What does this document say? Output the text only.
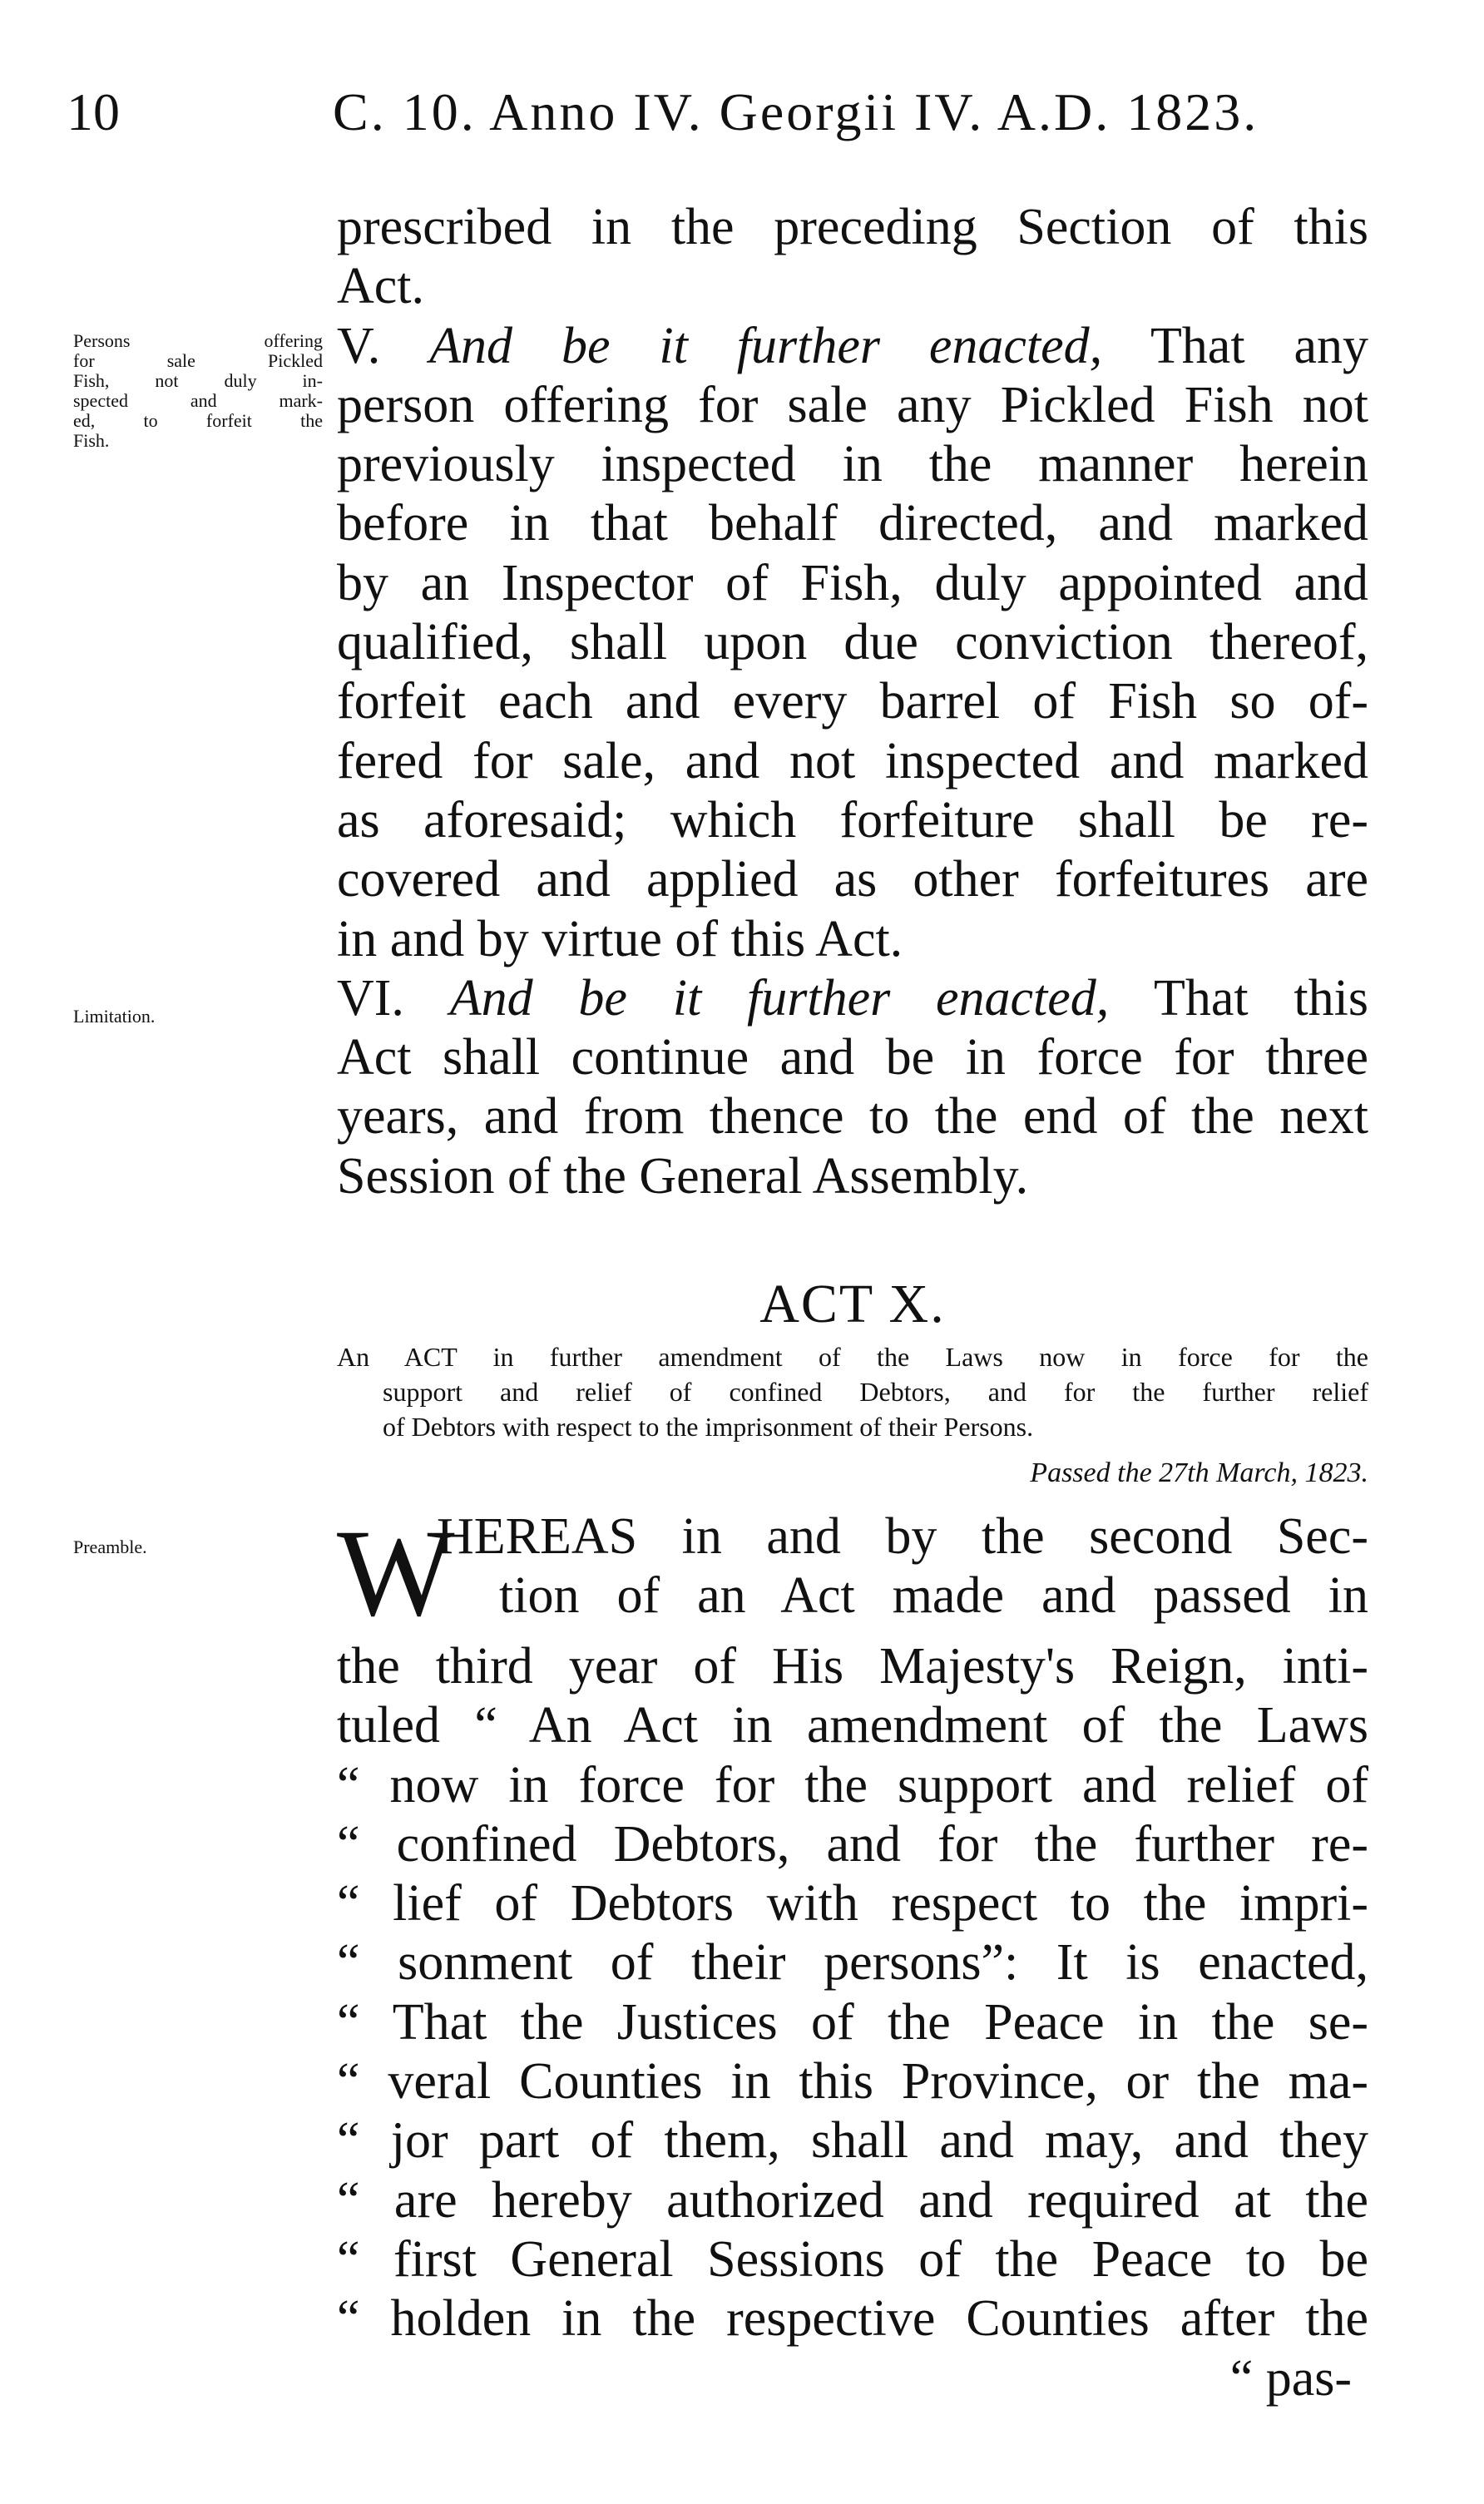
10	C. 10. Anno IV. Georgii IV. A.D. 1823.
prescribed in the preceding Section of this
Act.
V. And be it further enacted, That any
person offering for sale any Pickled Fish not
previously inspected in the manner herein
before in that behalf directed, and marked
by an Inspector of Fish, duly appointed and
qualified, shall upon due conviction thereof,
forfeit each and every barrel of Fish so of-
fered for sale, and not inspected and marked
as aforesaid; which forfeiture shall be re-
covered and applied as other forfeitures are
in and by virtue of this Act.
VI. And be it further enacted, That this
Act shall continue and be in force for three
years, and from thence to the end of the next
Session of the General Assembly.
Persons offering
for sale Pickled
Fish, not duly in-
spected and mark-
ed, to forfeit the
Fish.
Limitation.
Preamble.
ACT X.
An ACT in further amendment of the Laws now in force for the
support and relief of confined Debtors, and for the further relief
of Debtors with respect to the imprisonment of their Persons.
Passed the 27th March, 1823.
W
HEREAS in and by the second Sec-
tion of an Act made and passed in
the third year of His Majesty's Reign, inti-
tuled “ An Act in amendment of the Laws
“ now in force for the support and relief of
“ confined Debtors, and for the further re-
“ lief of Debtors with respect to the impri-
“ sonment of their persons”: It is enacted,
“ That the Justices of the Peace in the se-
“ veral Counties in this Province, or the ma-
“ jor part of them, shall and may, and they
“ are hereby authorized and required at the
“ first General Sessions of the Peace to be
“ holden in the respective Counties after the
“ pas-
